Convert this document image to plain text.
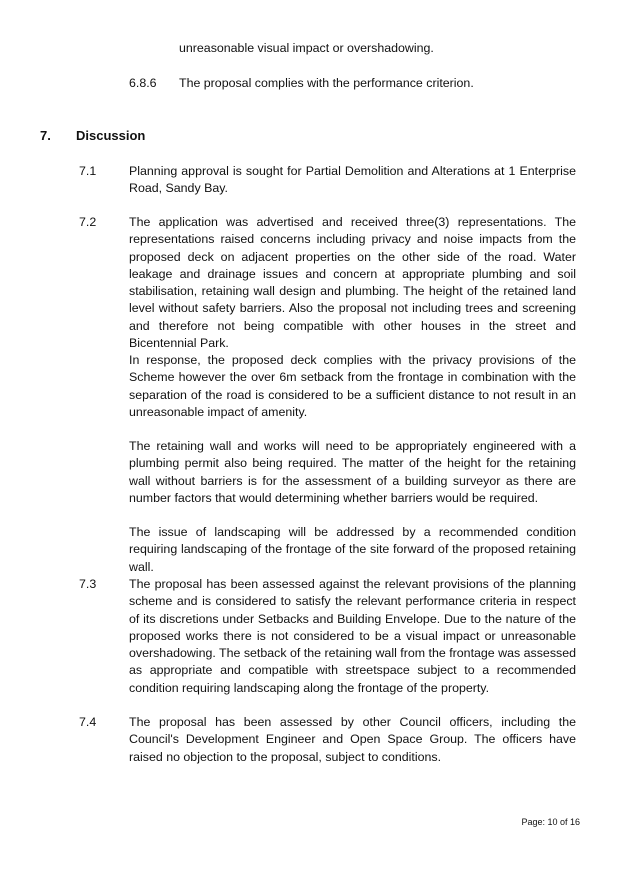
unreasonable visual impact or overshadowing.
6.8.6 The proposal complies with the performance criterion.
7. Discussion
7.1	Planning approval is sought for Partial Demolition and Alterations at 1 Enterprise Road, Sandy Bay.
7.2	The application was advertised and received three(3) representations. The representations raised concerns including privacy and noise impacts from the proposed deck on adjacent properties on the other side of the road. Water leakage and drainage issues and concern at appropriate plumbing and soil stabilisation, retaining wall design and plumbing. The height of the retained land level without safety barriers. Also the proposal not including trees and screening and therefore not being compatible with other houses in the street and Bicentennial Park.
In response, the proposed deck complies with the privacy provisions of the Scheme however the over 6m setback from the frontage in combination with the separation of the road is considered to be a sufficient distance to not result in an unreasonable impact of amenity.
The retaining wall and works will need to be appropriately engineered with a plumbing permit also being required. The matter of the height for the retaining wall without barriers is for the assessment of a building surveyor as there are number factors that would determining whether barriers would be required.
The issue of landscaping will be addressed by a recommended condition requiring landscaping of the frontage of the site forward of the proposed retaining wall.
7.3	The proposal has been assessed against the relevant provisions of the planning scheme and is considered to satisfy the relevant performance criteria in respect of its discretions under Setbacks and Building Envelope. Due to the nature of the proposed works there is not considered to be a visual impact or unreasonable overshadowing. The setback of the retaining wall from the frontage was assessed as appropriate and compatible with streetspace subject to a recommended condition requiring landscaping along the frontage of the property.
7.4	The proposal has been assessed by other Council officers, including the Council's Development Engineer and Open Space Group. The officers have raised no objection to the proposal, subject to conditions.
Page: 10 of 16
